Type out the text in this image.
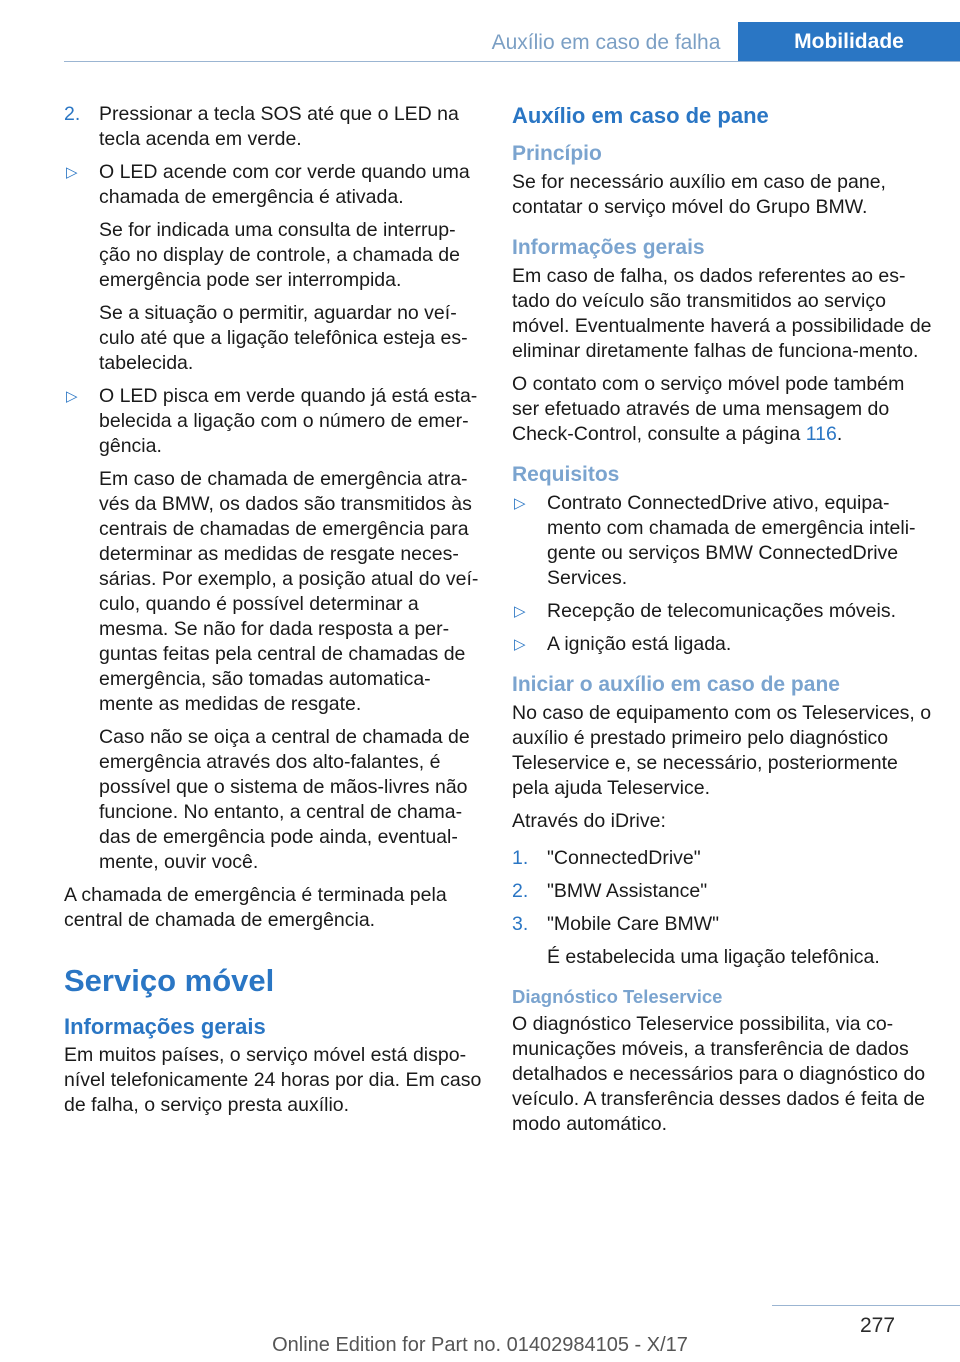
Auxílio em caso de falha	Mobilidade
2. Pressionar a tecla SOS até que o LED na tecla acenda em verde.
▷ O LED acende com cor verde quando uma chamada de emergência é ativada.

Se for indicada uma consulta de interrup-ção no display de controle, a chamada de emergência pode ser interrompida.

Se a situação o permitir, aguardar no veí-culo até que a ligação telefônica esteja es-tabelecida.

▷ O LED pisca em verde quando já está esta-belecida a ligação com o número de emer-gência.

Em caso de chamada de emergência atra-vés da BMW, os dados são transmitidos às centrais de chamadas de emergência para determinar as medidas de resgate neces-sárias. Por exemplo, a posição atual do veí-culo, quando é possível determinar a mesma. Se não for dada resposta a per-guntas feitas pela central de chamadas de emergência, são tomadas automatica-mente as medidas de resgate.

Caso não se oiça a central de chamada de emergência através dos alto-falantes, é possível que o sistema de mãos-livres não funcione. No entanto, a central de chama-das de emergência pode ainda, eventual-mente, ouvir você.

A chamada de emergência é terminada pela central de chamada de emergência.

Serviço móvel
Informações gerais

Em muitos países, o serviço móvel está dispo-nível telefonicamente 24 horas por dia. Em caso de falha, o serviço presta auxílio.

Auxílio em caso de pane
Princípio

Se for necessário auxílio em caso de pane, contatar o serviço móvel do Grupo BMW.

Informações gerais

Em caso de falha, os dados referentes ao es-tado do veículo são transmitidos ao serviço móvel. Eventualmente haverá a possibilidade de eliminar diretamente falhas de funciona-mento.

O contato com o serviço móvel pode também ser efetuado através de uma mensagem do Check-Control, consulte a página 116.

Requisitos
▷ Contrato ConnectedDrive ativo, equipa-mento com chamada de emergência inteli-gente ou serviços BMW ConnectedDrive Services.
▷ Recepção de telecomunicações móveis.
▷ A ignição está ligada.
Iniciar o auxílio em caso de pane

No caso de equipamento com os Teleservices, o auxílio é prestado primeiro pelo diagnóstico Teleservice e, se necessário, posteriormente pela ajuda Teleservice.

Através do iDrive:

1. "ConnectedDrive"
2. "BMW Assistance"
3. "Mobile Care BMW"

É estabelecida uma ligação telefônica.

Diagnóstico Teleservice

O diagnóstico Teleservice possibilita, via co-municações móveis, a transferência de dados detalhados e necessários para o diagnóstico do veículo. A transferência desses dados é feita de modo automático.

277
Online Edition for Part no. 01402984105 - X/17
